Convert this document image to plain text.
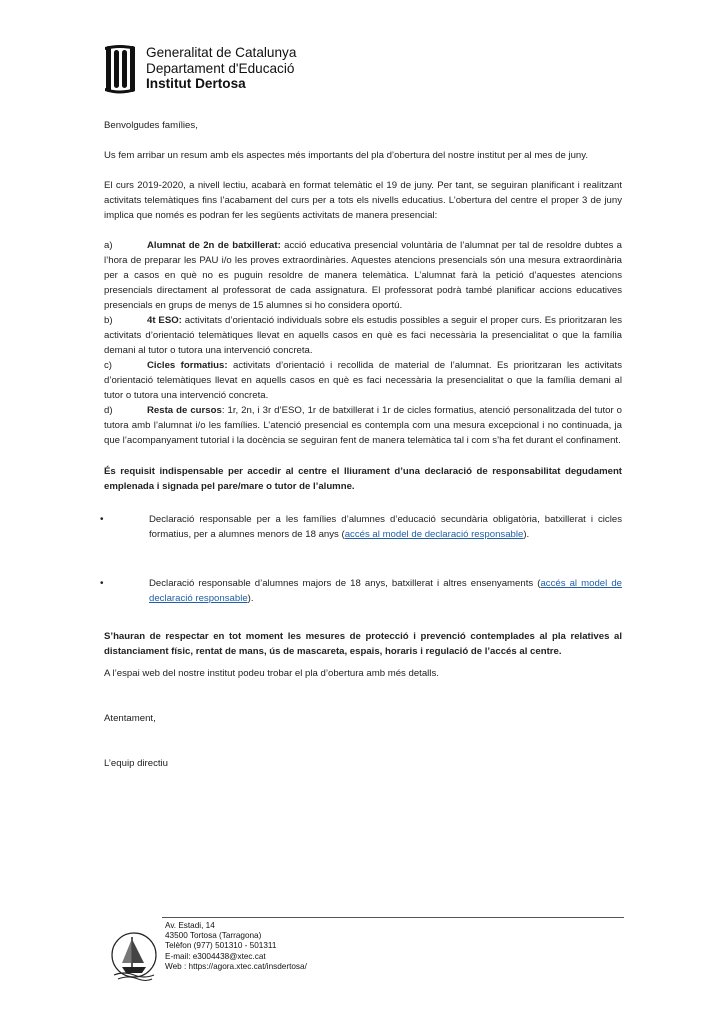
Generalitat de Catalunya
Departament d'Educació
Institut Dertosa

Benvolgudes famílies,

Us fem arribar un resum amb els aspectes més importants del pla d’obertura del nostre institut per al mes de juny.

El curs 2019-2020, a nivell lectiu, acabarà en format telemàtic el 19 de juny. Per tant, se seguiran planificant i realitzant activitats telemàtiques fins l’acabament del curs per a tots els nivells educatius. L’obertura del centre el proper 3 de juny implica que només es podran fer les següents activitats de manera presencial:

a)	Alumnat de 2n de batxillerat: acció educativa presencial voluntària de l’alumnat per tal de resoldre dubtes a l’hora de preparar les PAU i/o les proves extraordinàries. Aquestes atencions presencials són una mesura extraordinària per a casos en què no es puguin resoldre de manera telemàtica. L’alumnat farà la petició d’aquestes atencions presencials directament al professorat de cada assignatura. El professorat podrà també planificar accions educatives presencials en grups de menys de 15 alumnes si ho considera oportú.

b)	4t ESO: activitats d’orientació individuals sobre els estudis possibles a seguir el proper curs. Es prioritzaran les activitats d’orientació telemàtiques llevat en aquells casos en què es faci necessària la presencialitat o que la família demani al tutor o tutora una intervenció concreta.

c)	Cicles formatius: activitats d’orientació i recollida de material de l’alumnat. Es prioritzaran les activitats d’orientació telemàtiques llevat en aquells casos en què es faci necessària la presencialitat o que la família demani al tutor o tutora una intervenció concreta.

d)	Resta de cursos: 1r, 2n, i 3r d’ESO, 1r de batxillerat i 1r de cicles formatius, atenció personalitzada del tutor o tutora amb l’alumnat i/o les famílies. L’atenció presencial es contempla com una mesura excepcional i no continuada, ja que l’acompanyament tutorial i la docència se seguiran fent de manera telemàtica tal i com s’ha fet durant el confinament.

És requisit indispensable per accedir al centre el lliurament d’una declaració de responsabilitat degudament emplenada i signada pel pare/mare o tutor de l’alumne.

•	Declaració responsable per a les famílies d’alumnes d’educació secundària obligatòria, batxillerat i cicles formatius, per a alumnes menors de 18 anys (accés al model de declaració responsable).

•	Declaració responsable d’alumnes majors de 18 anys, batxillerat i altres ensenyaments (accés al model de declaració responsable).

S’hauran de respectar en tot moment les mesures de protecció i prevenció contemplades al pla relatives al distanciament físic, rentat de mans, ús de mascareta, espais, horaris i regulació de l’accés al centre.

A l’espai web del nostre institut podeu trobar el pla d’obertura amb més detalls.

Atentament,

L’equip directiu

Av. Estadi, 14
43500 Tortosa (Tarragona)
Telèfon (977) 501310 - 501311
E-mail: e3004438@xtec.cat
Web : https://agora.xtec.cat/insdertosa/
